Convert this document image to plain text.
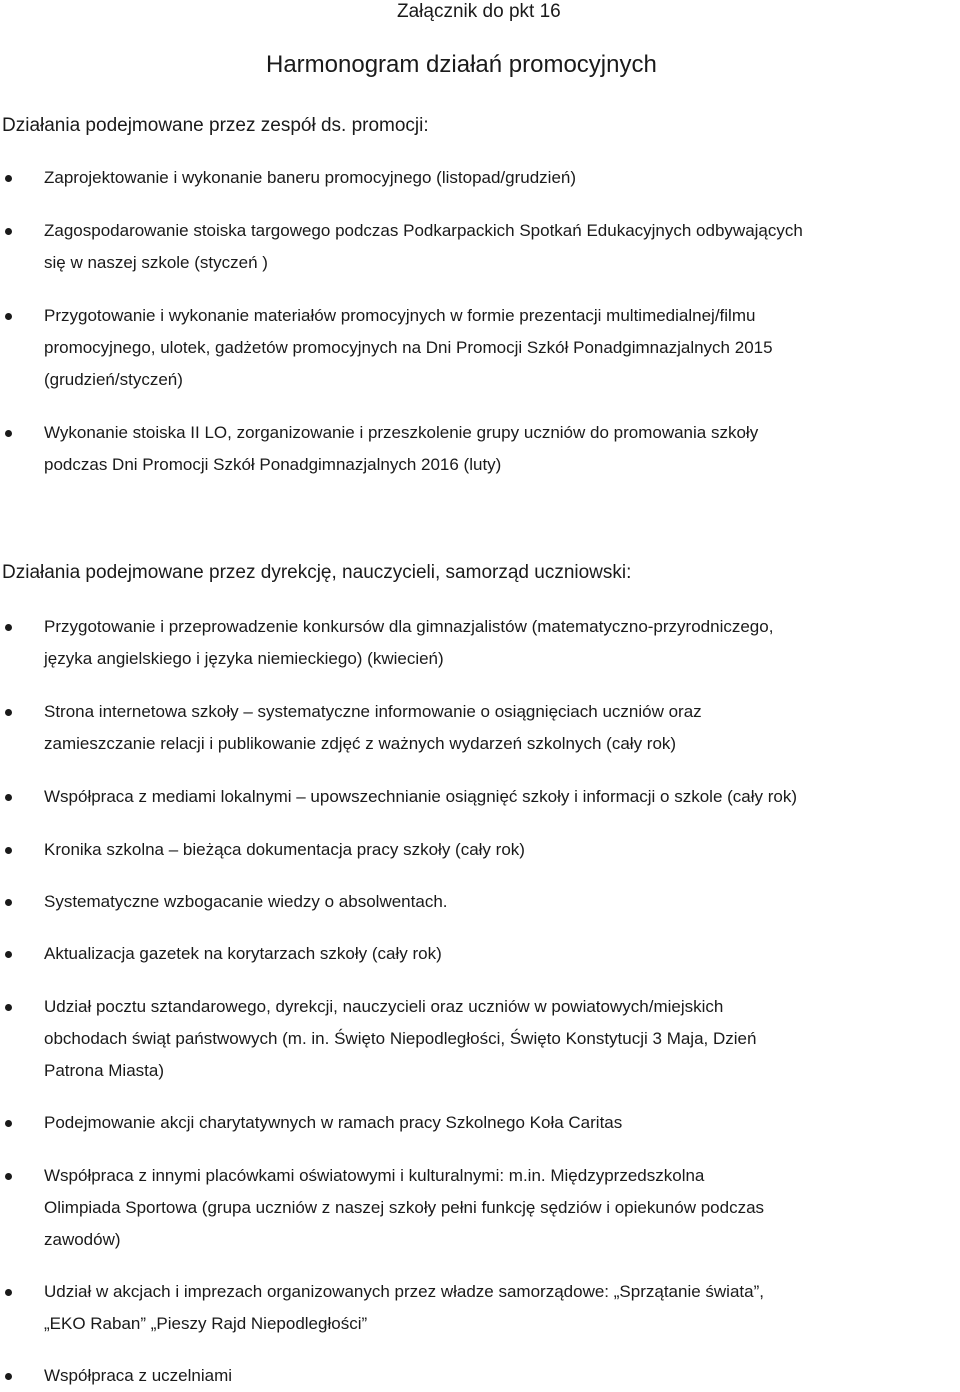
Załącznik do pkt 16
Harmonogram działań promocyjnych
Działania podejmowane przez zespół ds. promocji:
Zaprojektowanie i wykonanie baneru promocyjnego (listopad/grudzień)
Zagospodarowanie stoiska targowego podczas Podkarpackich Spotkań Edukacyjnych odbywających
się w naszej szkole (styczeń )
Przygotowanie i wykonanie materiałów promocyjnych w formie prezentacji multimedialnej/filmu
promocyjnego, ulotek, gadżetów promocyjnych na Dni Promocji Szkół Ponadgimnazjalnych 2015
(grudzień/styczeń)
Wykonanie stoiska II LO, zorganizowanie i przeszkolenie grupy uczniów do promowania szkoły
podczas Dni Promocji Szkół Ponadgimnazjalnych 2016 (luty)
Działania podejmowane przez dyrekcję, nauczycieli, samorząd uczniowski:
Przygotowanie i przeprowadzenie konkursów dla gimnazjalistów (matematyczno-przyrodniczego,
języka angielskiego i języka niemieckiego) (kwiecień)
Strona internetowa szkoły – systematyczne informowanie o osiągnięciach uczniów oraz
zamieszczanie relacji i publikowanie zdjęć z ważnych wydarzeń szkolnych (cały rok)
Współpraca z mediami lokalnymi – upowszechnianie osiągnięć szkoły i informacji o szkole (cały rok)
Kronika szkolna – bieżąca dokumentacja pracy szkoły (cały rok)
Systematyczne wzbogacanie wiedzy o absolwentach.
Aktualizacja gazetek na korytarzach szkoły (cały rok)
Udział pocztu sztandarowego, dyrekcji, nauczycieli oraz uczniów w powiatowych/miejskich
obchodach świąt państwowych (m. in. Święto Niepodległości, Święto Konstytucji 3 Maja, Dzień
Patrona Miasta)
Podejmowanie akcji charytatywnych w ramach pracy Szkolnego Koła Caritas
Współpraca z innymi placówkami oświatowymi i kulturalnymi: m.in. Międzyprzedszkolna
Olimpiada Sportowa (grupa uczniów z naszej szkoły pełni funkcję sędziów i opiekunów podczas
zawodów)
Udział w akcjach i imprezach organizowanych przez władze samorządowe: „Sprzątanie świata”,
„EKO Raban” „Pieszy Rajd Niepodległości”
Współpraca z uczelniami
